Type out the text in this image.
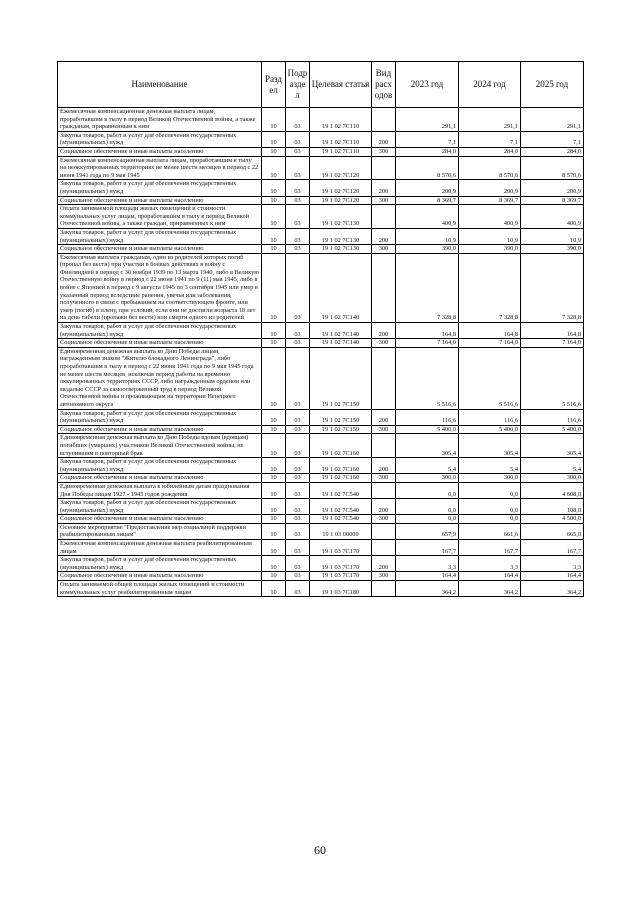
Наименование	Разд ел	Подр азде л	Целевая статья	Вид расх одов	2023 год	2024 год	2025 год
Ежемесячная компенсационная денежная выплата лицам, проработавшим в тылу в период Великой Отечественной войны, а также гражданам, приравненным к ним	10	03	19 1 02 7С110		291,1	291,1	291,1
Закупка товаров, работ и услуг для обеспечения государственных (муниципальных) нужд	10	03	19 1 02 7С110	200	7,1	7,1	7,1
Социальное обеспечение и иные выплаты населению	10	03	19 1 02 7С110	300	284,0	284,0	284,0
Ежемесячная компенсационная выплата лицам, проработавшим в тылу на неоккупированных территориях не менее шести месяцев в период с 22 июня 1941 года по 9 мая 1945	10	03	19 1 02 7С120		8 570,6	8 570,6	8 570,6
Закупка товаров, работ и услуг для обеспечения государственных (муниципальных) нужд	10	03	19 1 02 7С120	200	200,9	200,9	200,9
Социальное обеспечение и иные выплаты населению	10	03	19 1 02 7С120	300	8 369,7	8 369,7	8 369,7
Оплата занимаемой площади жилых помещений и стоимости коммунальных услуг лицам, проработавшим в тылу в период Великой Отечественной войны, а также граждан, приравненных к ним	10	03	19 1 02 7С130		400,9	400,9	400,9
Закупка товаров, работ и услуг для обеспечения государственных (муниципальных) нужд	10	03	19 1 02 7С130	200	10,9	10,9	10,9
Социальное обеспечение и иные выплаты населению	10	03	19 1 02 7С130	300	390,0	390,0	390,0
Ежемесячная выплата гражданам, один из родителей которых погиб (пропал без вести) при участии в боевых действиях в войну с Финляндией в период с 30 ноября 1939 по 13 марта 1940, либо в Великую Отечественную войну в период с 22 июня 1941 по 9 (11) мая 1945, либо в войне с Японией в период с 9 августа 1945 по 3 сентября 1945 или умер в указанный период вследствие ранения, увечья или заболевания, полученного в связи с пребыванием на соответствующем фронте, или умер (погиб) в плену, при условии, если они не достигли возраста 18 лет на день гибели (пропажи без вести) или смерти одного из родителей	10	03	19 1 02 7С140		7 328,8	7 328,8	7 328,8
Закупка товаров, работ и услуг для обеспечения государственных (муниципальных) нужд	10	03	19 1 02 7С140	200	164,8	164,8	164,8
Социальное обеспечение и иные выплаты населению	10	03	19 1 02 7С140	300	7 164,0	7 164,0	7 164,0
Единовременная денежная выплата ко Дню Победы лицам, награжденным знаком "Жителю блокадного Ленинграда", либо проработавшим в тылу в период с 22 июня 1941 года по 9 мая 1945 года не менее шести месяцев, исключая период работы на временно оккупированных территориях СССР, либо награжденным орденом или медалью СССР за самоотверженный труд в период Великой Отечественной войны и проживающим на территории Ненецкого автономного округа	10	03	19 1 02 7С150		5 516,6	5 516,6	5 516,6
Закупка товаров, работ и услуг для обеспечения государственных (муниципальных) нужд	10	03	19 1 02 7С150	200	116,6	116,6	116,6
Социальное обеспечение и иные выплаты населению	10	03	19 1 02 7С150	300	5 400,0	5 400,0	5 400,0
Единовременная денежная выплата ко Дню Победы вдовам (вдовцам) погибших (умерших) участников Великой Отечественной войны, не вступившим в повторный брак	10	03	19 1 02 7С160		305,4	305,4	305,4
Закупка товаров, работ и услуг для обеспечения государственных (муниципальных) нужд	10	03	19 1 02 7С160	200	5,4	5,4	5,4
Социальное обеспечение и иные выплаты населению	10	03	19 1 02 7С160	300	300,0	300,0	300,0
Единовременная денежная выплата к юбилейным датам празднования Дня Победы лицам 1927 - 1945 годов рождения	10	03	19 1 02 7С540		0,0	0,0	4 608,0
Закупка товаров, работ и услуг для обеспечения государственных (муниципальных) нужд	10	03	19 1 02 7С540	200	0,0	0,0	108,0
Социальное обеспечение и иные выплаты населению	10	03	19 1 02 7С540	300	0,0	0,0	4 500,0
Основное мероприятие "Предоставление мер социальной поддержки реабилитированным лицам"	10	03	19 1 03 00000		657,9	661,6	665,0
Ежемесячная компенсационная денежная выплата реабилитированным лицам	10	03	19 1 03 7С170		167,7	167,7	167,7
Закупка товаров, работ и услуг для обеспечения государственных (муниципальных) нужд	10	03	19 1 03 7С170	200	3,3	3,3	3,3
Социальное обеспечение и иные выплаты населению	10	03	19 1 03 7С170	300	164,4	164,4	164,4
Оплата занимаемой общей площади жилых помещений и стоимости коммунальных услуг реабилитированным лицам	10	03	19 1 03 7С180		364,2	364,2	364,2
60
